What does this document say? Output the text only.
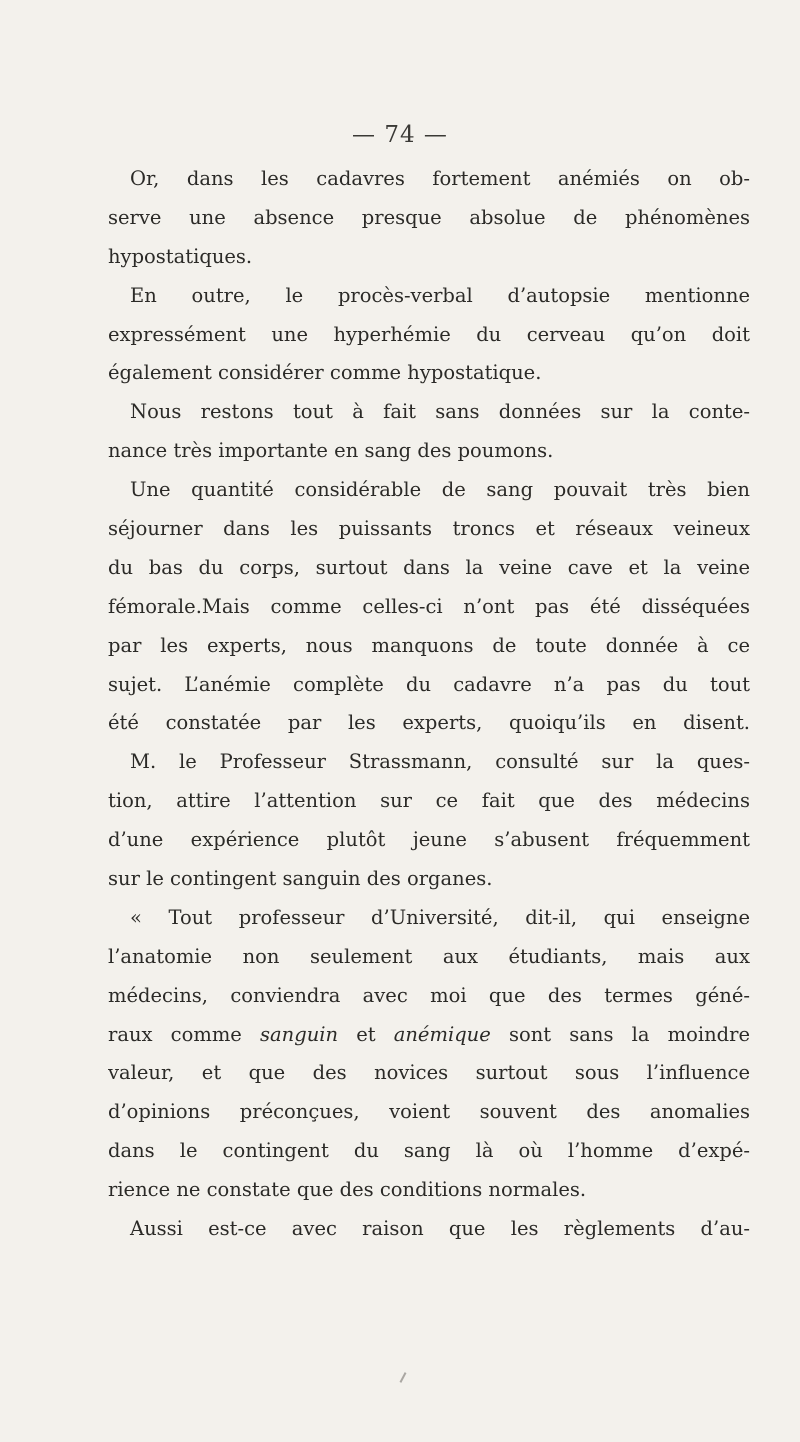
— 74 —
Or, dans les cadavres fortement anémiés on ob-
serve une absence presque absolue de phénomènes
hypostatiques.
En outre, le procès-verbal d’autopsie mentionne
expressément une hyperhémie du cerveau qu’on doit
également considérer comme hypostatique.
Nous restons tout à fait sans données sur la conte-
nance très importante en sang des poumons.
Une quantité considérable de sang pouvait très bien
séjourner dans les puissants troncs et réseaux veineux
du bas du corps, surtout dans la veine cave et la veine
fémorale.Mais comme celles-ci n’ont pas été disséquées
par les experts, nous manquons de toute donnée à ce
sujet. L’anémie complète du cadavre n’a pas du tout
été constatée par les experts, quoiqu’ils en disent.
M. le Professeur Strassmann, consulté sur la ques-
tion, attire l’attention sur ce fait que des médecins
d’une expérience plutôt jeune s’abusent fréquemment
sur le contingent sanguin des organes.
« Tout professeur d’Université, dit-il, qui enseigne
l’anatomie non seulement aux étudiants, mais aux
médecins, conviendra avec moi que des termes géné-
raux comme sanguin et anémique sont sans la moindre
valeur, et que des novices surtout sous l’influence
d’opinions préconçues, voient souvent des anomalies
dans le contingent du sang là où l’homme d’expé-
rience ne constate que des conditions normales.
Aussi est-ce avec raison que les règlements d’au-
